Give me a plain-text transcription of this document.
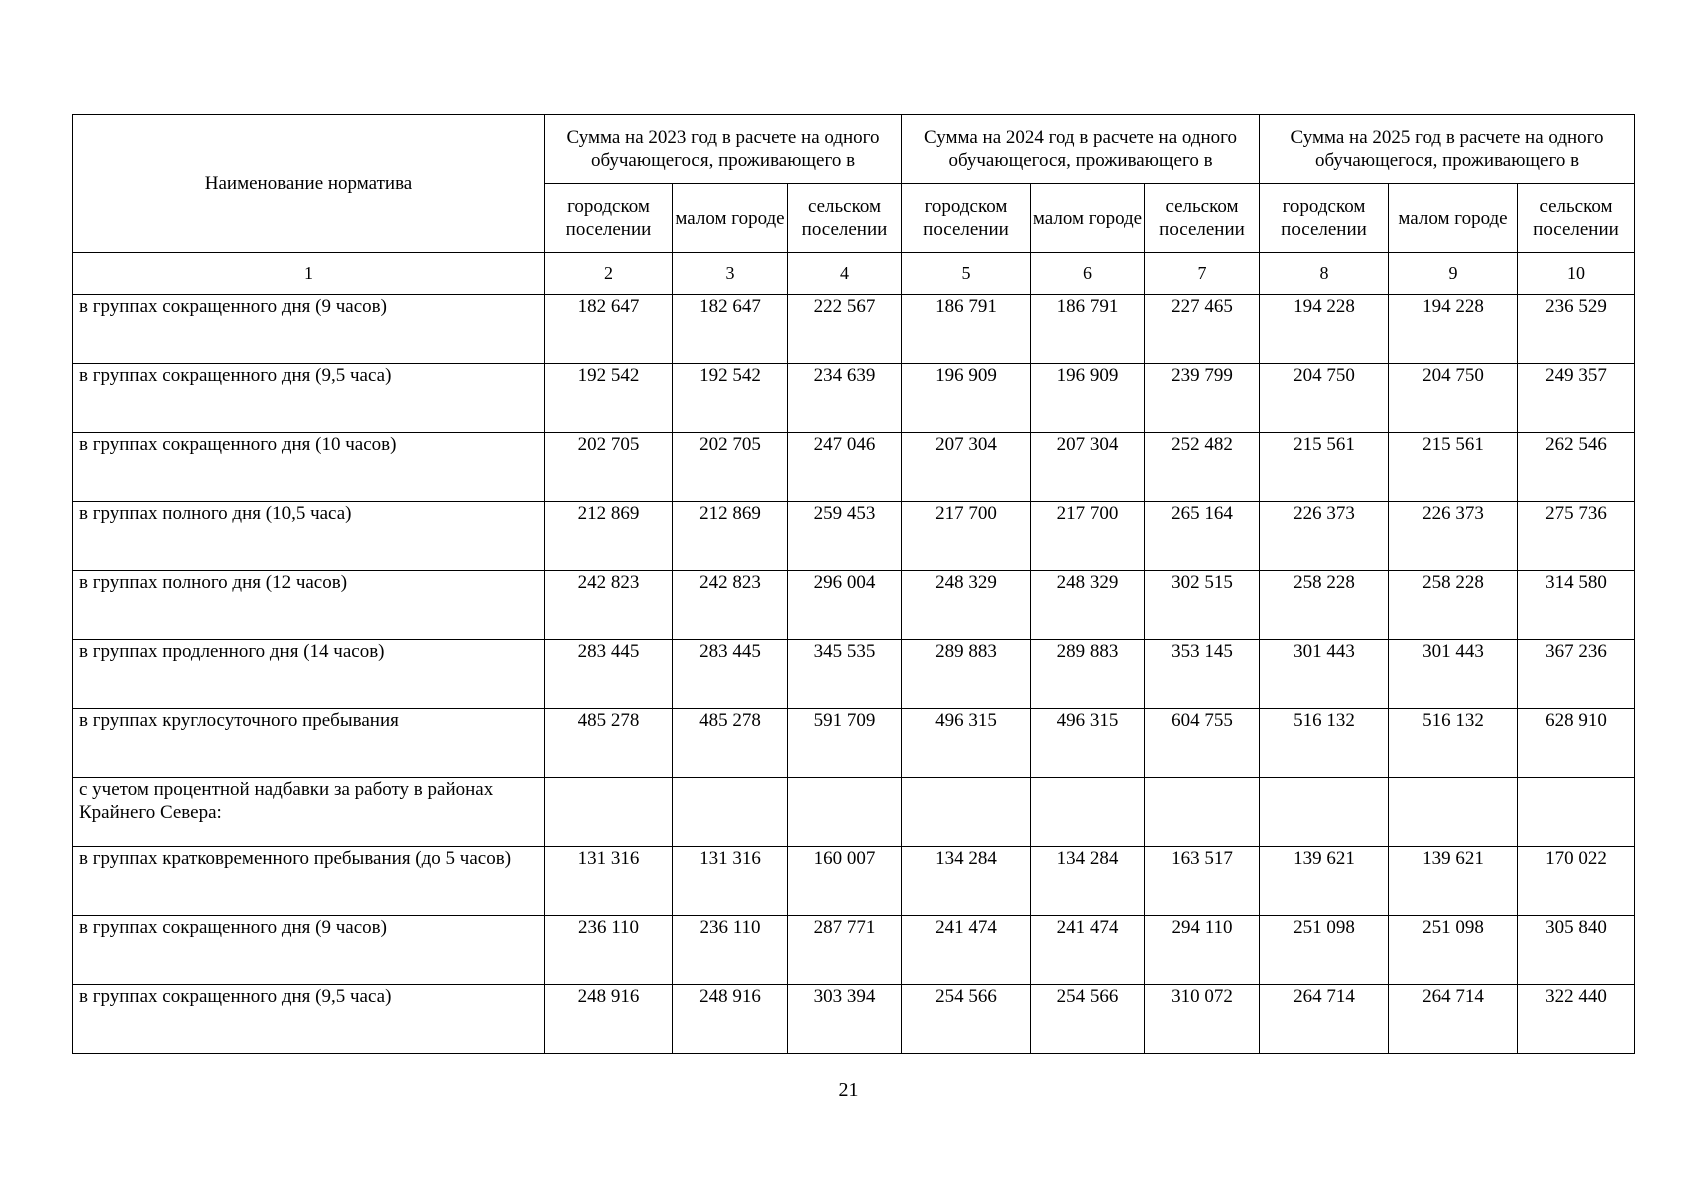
Наименование норматива	Сумма на 2023 год в расчете на одного обучающегося, проживающего в			Сумма на 2024 год в расчете на одного обучающегося, проживающего в			Сумма на 2025 год в расчете на одного обучающегося, проживающего в		
	городском поселении	малом городе	сельском поселении	городском поселении	малом городе	сельском поселении	городском поселении	малом городе	сельском поселении
1	2	3	4	5	6	7	8	9	10
в группах сокращенного дня (9 часов)	182 647	182 647	222 567	186 791	186 791	227 465	194 228	194 228	236 529
в группах сокращенного дня (9,5 часа)	192 542	192 542	234 639	196 909	196 909	239 799	204 750	204 750	249 357
в группах сокращенного дня (10 часов)	202 705	202 705	247 046	207 304	207 304	252 482	215 561	215 561	262 546
в группах полного дня (10,5 часа)	212 869	212 869	259 453	217 700	217 700	265 164	226 373	226 373	275 736
в группах полного дня (12 часов)	242 823	242 823	296 004	248 329	248 329	302 515	258 228	258 228	314 580
в группах продленного дня (14 часов)	283 445	283 445	345 535	289 883	289 883	353 145	301 443	301 443	367 236
в группах круглосуточного пребывания	485 278	485 278	591 709	496 315	496 315	604 755	516 132	516 132	628 910
с учетом процентной надбавки за работу в районах Крайнего Севера:									
в группах кратковременного пребывания (до 5 часов)	131 316	131 316	160 007	134 284	134 284	163 517	139 621	139 621	170 022
в группах сокращенного дня (9 часов)	236 110	236 110	287 771	241 474	241 474	294 110	251 098	251 098	305 840
в группах сокращенного дня (9,5 часа)	248 916	248 916	303 394	254 566	254 566	310 072	264 714	264 714	322 440
21
